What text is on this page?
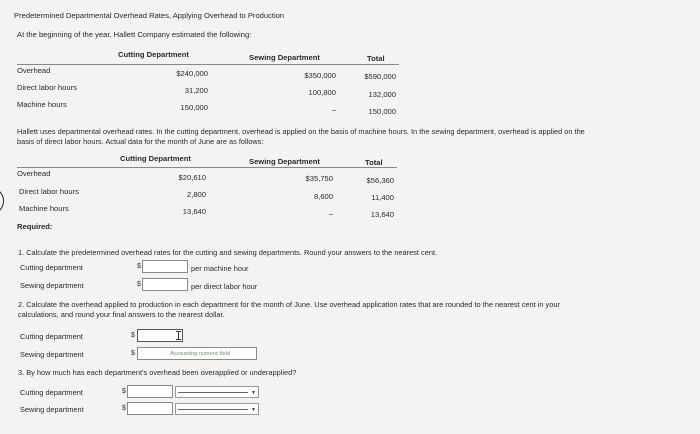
Predetermined Departmental Overhead Rates, Applying Overhead to Production
At the beginning of the year, Hallett Company estimated the following:
Cutting Department	Sewing Department	Total
Overhead	$240,000	$350,000	$590,000
Direct labor hours	31,200	100,800	132,000
Machine hours	150,000	–	150,000
Hallett uses departmental overhead rates. In the cutting department, overhead is applied on the basis of machine hours. In the sewing department, overhead is applied on the
basis of direct labor hours. Actual data for the month of June are as follows:
Cutting Department	Sewing Department	Total
Overhead	$20,610	$35,750	$56,360
Direct labor hours	2,800	8,600	11,400
Machine hours	13,640	–	13,640
Required:
1. Calculate the predetermined overhead rates for the cutting and sewing departments. Round your answers to the nearest cent.
Cutting department	$	per machine hour
Sewing department	$	per direct labor hour
2. Calculate the overhead applied to production in each department for the month of June. Use overhead application rates that are rounded to the nearest cent in your
calculations, and round your final answers to the nearest dollar.
Cutting department	$
Sewing department	$	Accounting numeric field
3. By how much has each department's overhead been overapplied or underapplied?
Cutting department	$	▼
Sewing department	$	▼
